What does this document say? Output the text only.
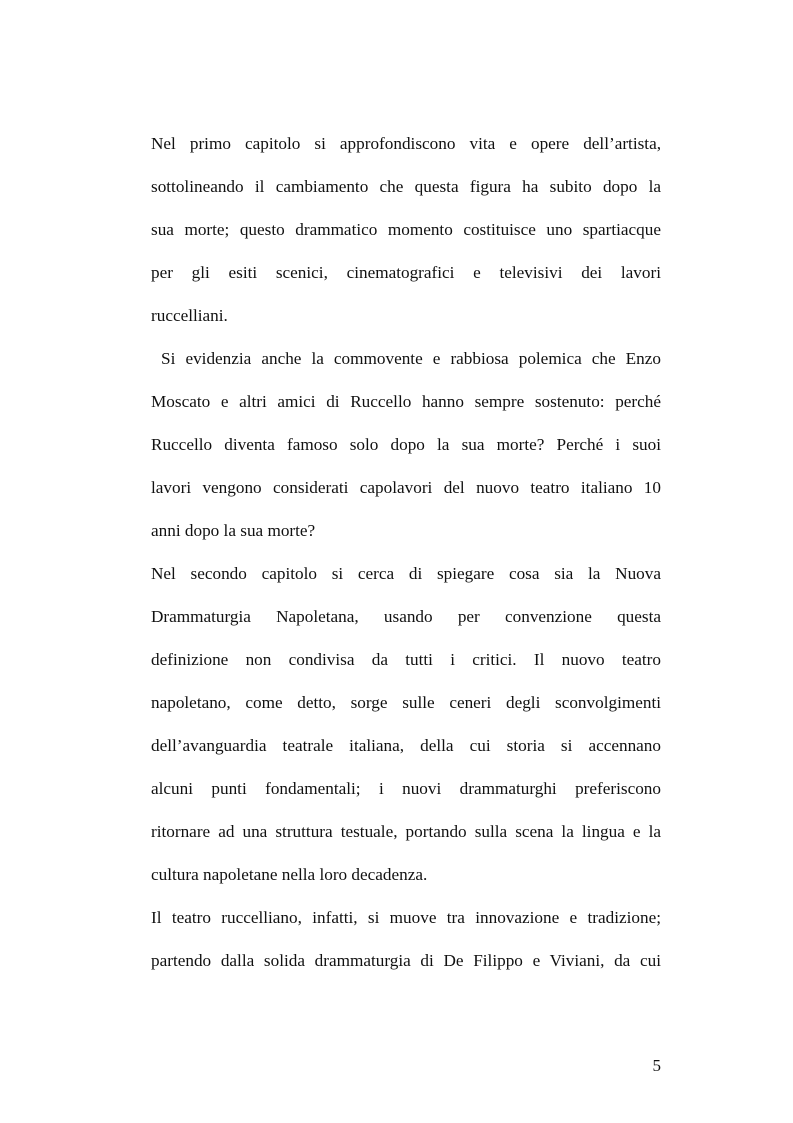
Nel primo capitolo si approfondiscono vita e opere dell’artista,
sottolineando il cambiamento che questa figura ha subito dopo la
sua morte; questo drammatico momento costituisce uno spartiacque
per gli esiti scenici, cinematografici e televisivi dei lavori
ruccelliani.
Si evidenzia anche la commovente e rabbiosa polemica che Enzo
Moscato e altri amici di Ruccello hanno sempre sostenuto: perché
Ruccello diventa famoso solo dopo la sua morte? Perché i suoi
lavori vengono considerati capolavori del nuovo teatro italiano 10
anni dopo la sua morte?
Nel secondo capitolo si cerca di spiegare cosa sia la Nuova
Drammaturgia Napoletana, usando per convenzione questa
definizione non condivisa da tutti i critici. Il nuovo teatro
napoletano, come detto, sorge sulle ceneri degli sconvolgimenti
dell’avanguardia teatrale italiana, della cui storia si accennano
alcuni punti fondamentali; i nuovi drammaturghi preferiscono
ritornare ad una struttura testuale, portando sulla scena la lingua e la
cultura napoletane nella loro decadenza.
Il teatro ruccelliano, infatti, si muove tra innovazione e tradizione;
partendo dalla solida drammaturgia di De Filippo e Viviani, da cui
5
